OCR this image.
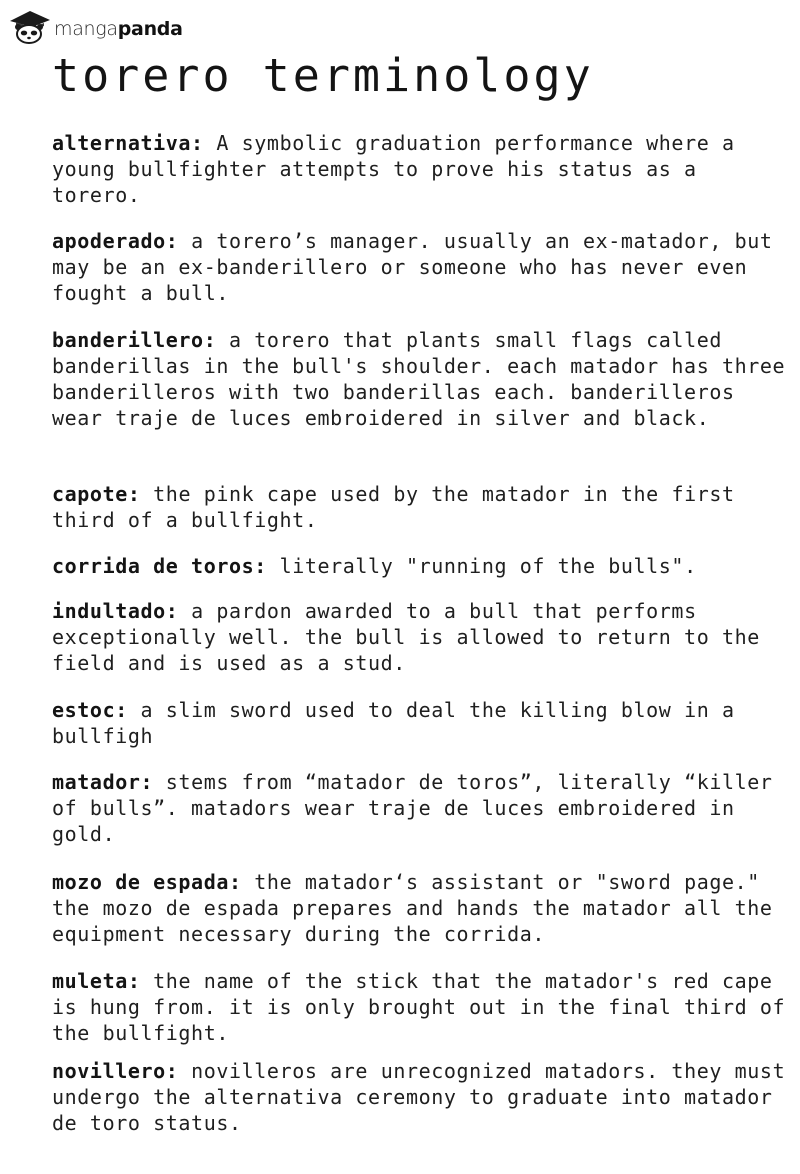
mangapanda
torero terminology

alternativa: A symbolic graduation performance where a young bullfighter attempts to prove his status as a torero.

apoderado: a torero’s manager. usually an ex-matador, but may be an ex-banderillero or someone who has never even fought a bull.

banderillero: a torero that plants small flags called banderillas in the bull's shoulder. each matador has three banderilleros with two banderillas each. banderilleros wear traje de luces embroidered in silver and black.

capote: the pink cape used by the matador in the first third of a bullfight.

corrida de toros: literally "running of the bulls".

indultado: a pardon awarded to a bull that performs exceptionally well. the bull is allowed to return to the field and is used as a stud.

estoc: a slim sword used to deal the killing blow in a bullfigh

matador: stems from “matador de toros”, literally “killer of bulls”. matadors wear traje de luces embroidered in gold.

mozo de espada: the matador‘s assistant or "sword page." the mozo de espada prepares and hands the matador all the equipment necessary during the corrida.

muleta: the name of the stick that the matador's red cape is hung from. it is only brought out in the final third of the bullfight.

novillero: novilleros are unrecognized matadors. they must undergo the alternativa ceremony to graduate into matador de toro status.
